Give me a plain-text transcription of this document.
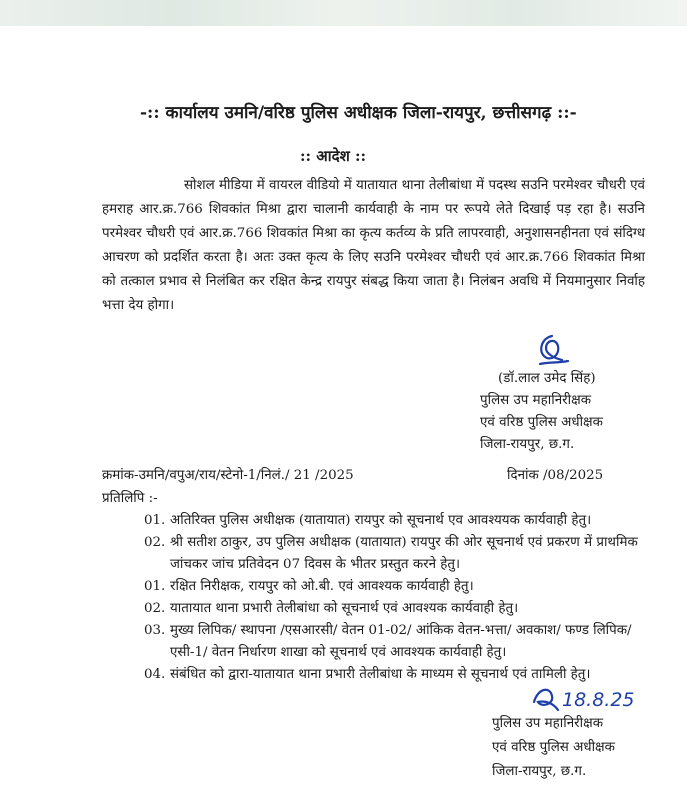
-:: कार्यालय उमनि/वरिष्ठ पुलिस अधीक्षक जिला-रायपुर, छत्तीसगढ़ ::-
:: आदेश ::

सोशल मीडिया में वायरल वीडियो में यातायात थाना तेलीबांधा में पदस्थ सउनि परमेश्वर चौधरी एवं हमराह आर.क्र.766 शिवकांत मिश्रा द्वारा चालानी कार्यवाही के नाम पर रूपये लेते दिखाई पड़ रहा है। सउनि परमेश्वर चौधरी एवं आर.क्र.766 शिवकांत मिश्रा का कृत्य कर्तव्य के प्रति लापरवाही, अनुशासनहीनता एवं संदिग्ध आचरण को प्रदर्शित करता है। अतः उक्त कृत्य के लिए सउनि परमेश्वर चौधरी एवं आर.क्र.766 शिवकांत मिश्रा को तत्काल प्रभाव से निलंबित कर रक्षित केन्द्र रायपुर संबद्ध किया जाता है। निलंबन अवधि में नियमानुसार निर्वाह भत्ता देय होगा।

(डॉ.लाल उमेद सिंह)
पुलिस उप महानिरीक्षक
एवं वरिष्ठ पुलिस अधीक्षक
जिला-रायपुर, छ.ग.
क्रमांक-उमनि/वपुअ/राय/स्टेनो-1/निलं./ 21 /2025	दिनांक /08/2025
प्रतिलिपि :-
01. अतिरिक्त पुलिस अधीक्षक (यातायात) रायपुर को सूचनार्थ एव आवश्ययक कार्यवाही हेतु।
02. श्री सतीश ठाकुर, उप पुलिस अधीक्षक (यातायात) रायपुर की ओर सूचनार्थ एवं प्रकरण में प्राथमिक जांचकर जांच प्रतिवेदन 07 दिवस के भीतर प्रस्तुत करने हेतु।
01. रक्षित निरीक्षक, रायपुर को ओ.बी. एवं आवश्यक कार्यवाही हेतु।
02. यातायात थाना प्रभारी तेलीबांधा को सूचनार्थ एवं आवश्यक कार्यवाही हेतु।
03. मुख्य लिपिक/ स्थापना /एसआरसी/ वेतन 01-02/ आंकिक वेतन-भत्ता/ अवकाश/ फण्ड लिपिक/ एसी-1/ वेतन निर्धारण शाखा को सूचनार्थ एवं आवश्यक कार्यवाही हेतु।
04. संबंधित को द्वारा-यातायात थाना प्रभारी तेलीबांधा के माध्यम से सूचनार्थ एवं तामिली हेतु।
18.8.25
पुलिस उप महानिरीक्षक
एवं वरिष्ठ पुलिस अधीक्षक
जिला-रायपुर, छ.ग.
